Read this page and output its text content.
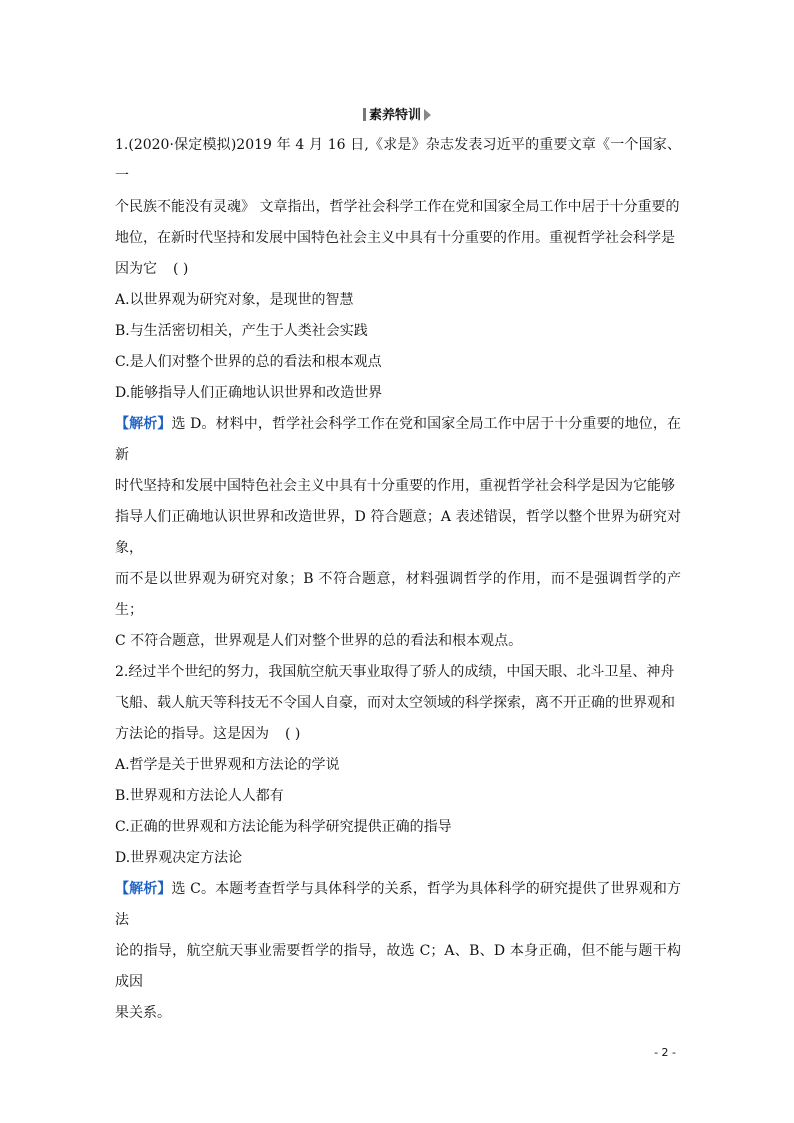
素养特训

1.(2020·保定模拟)2019 年 4 月 16 日,《求是》杂志发表习近平的重要文章《一个国家、一
个民族不能没有灵魂》 文章指出，哲学社会科学工作在党和国家全局工作中居于十分重要的
地位，在新时代坚持和发展中国特色社会主义中具有十分重要的作用。重视哲学社会科学是
因为它 ( )

A.以世界观为研究对象，是现世的智慧

B.与生活密切相关，产生于人类社会实践

C.是人们对整个世界的总的看法和根本观点

D.能够指导人们正确地认识世界和改造世界

【解析】选 D。材料中，哲学社会科学工作在党和国家全局工作中居于十分重要的地位，在新
时代坚持和发展中国特色社会主义中具有十分重要的作用，重视哲学社会科学是因为它能够
指导人们正确地认识世界和改造世界，D 符合题意；A 表述错误，哲学以整个世界为研究对象，
而不是以世界观为研究对象；B 不符合题意，材料强调哲学的作用，而不是强调哲学的产生；
C 不符合题意，世界观是人们对整个世界的总的看法和根本观点。

2.经过半个世纪的努力，我国航空航天事业取得了骄人的成绩，中国天眼、北斗卫星、神舟
飞船、载人航天等科技无不令国人自豪，而对太空领域的科学探索，离不开正确的世界观和
方法论的指导。这是因为 ( )

A.哲学是关于世界观和方法论的学说

B.世界观和方法论人人都有

C.正确的世界观和方法论能为科学研究提供正确的指导

D.世界观决定方法论

【解析】选 C。本题考查哲学与具体科学的关系，哲学为具体科学的研究提供了世界观和方法
论的指导，航空航天事业需要哲学的指导，故选 C；A、B、D 本身正确，但不能与题干构成因
果关系。

- 2 -
